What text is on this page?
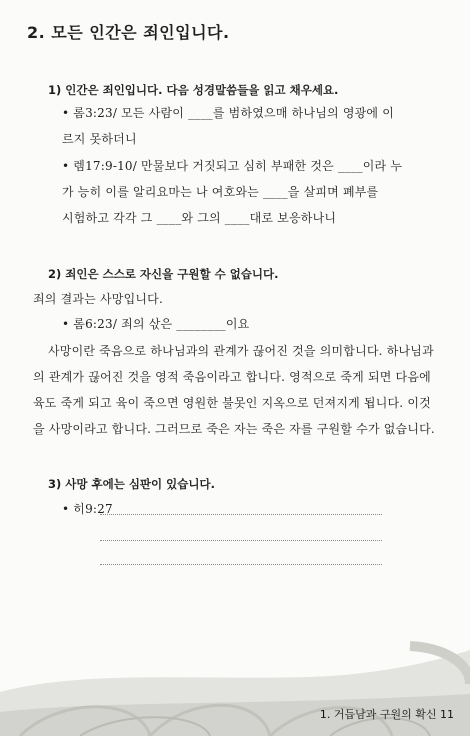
2. 모든 인간은 죄인입니다.
1) 인간은 죄인입니다. 다음 성경말씀들을 읽고 채우세요.
• 롬3:23/ 모든 사람이 ____를 범하였으매 하나님의 영광에 이
르지 못하더니
• 렘17:9-10/ 만물보다 거짓되고 심히 부패한 것은 ____이라 누
가 능히 이를 알리요마는 나 여호와는 ____을 살피며 폐부를
시험하고 각각 그 ____와 그의 ____대로 보응하나니
2) 죄인은 스스로 자신을 구원할 수 없습니다.
죄의 결과는 사망입니다.
• 롬6:23/ 죄의 삯은 ________이요
사망이란 죽음으로 하나님과의 관계가 끊어진 것을 의미합니다. 하나님과
의 관계가 끊어진 것을 영적 죽음이라고 합니다. 영적으로 죽게 되면 다음에
육도 죽게 되고 육이 죽으면 영원한 불못인 지옥으로 던져지게 됩니다. 이것
을 사망이라고 합니다. 그러므로 죽은 자는 죽은 자를 구원할 수가 없습니다.
3) 사망 후에는 심판이 있습니다.
• 히9:27
1. 거듭남과 구원의 확신 11
